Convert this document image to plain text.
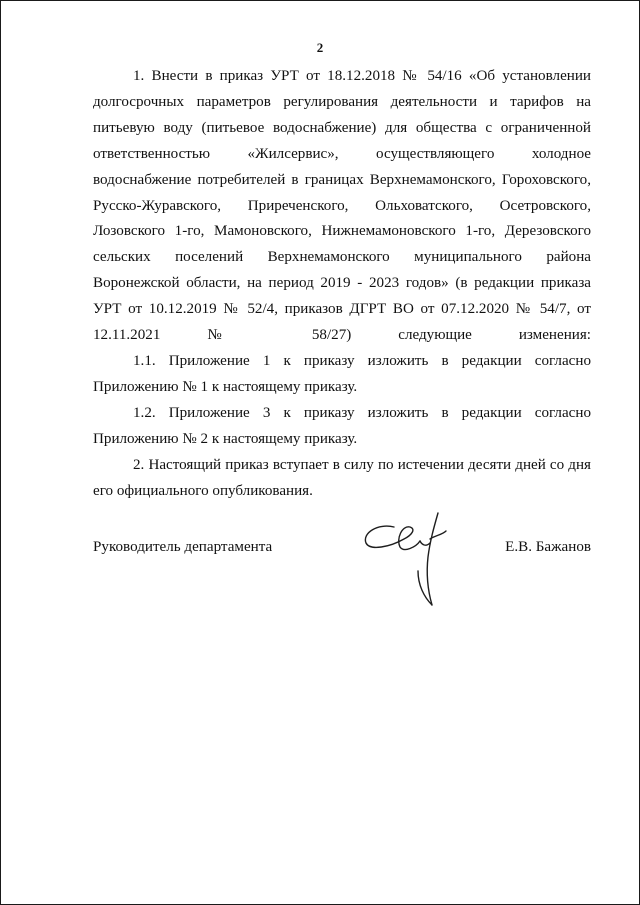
2

1. Внести в приказ УРТ от 18.12.2018 № 54/16 «Об установлении долгосрочных параметров регулирования деятельности и тарифов на питьевую воду (питьевое водоснабжение) для общества с ограниченной ответственностью «Жилсервис», осуществляющего холодное водоснабжение потребителей в границах Верхнемамонского, Гороховского, Русско-Журавского, Приреченского, Ольховатского, Осетровского, Лозовского 1-го, Мамоновского, Нижнемамоновского 1-го, Дерезовского сельских поселений Верхнемамонского муниципального района Воронежской области, на период 2019 - 2023 годов» (в редакции приказа УРТ от 10.12.2019 № 52/4, приказов ДГРТ ВО от 07.12.2020 № 54/7, от 12.11.2021 № 58/27) следующие изменения:

1.1. Приложение 1 к приказу изложить в редакции согласно Приложению № 1 к настоящему приказу.

1.2. Приложение 3 к приказу изложить в редакции согласно Приложению № 2 к настоящему приказу.

2. Настоящий приказ вступает в силу по истечении десяти дней со дня его официального опубликования.

Руководитель департамента	Е.В. Бажанов
